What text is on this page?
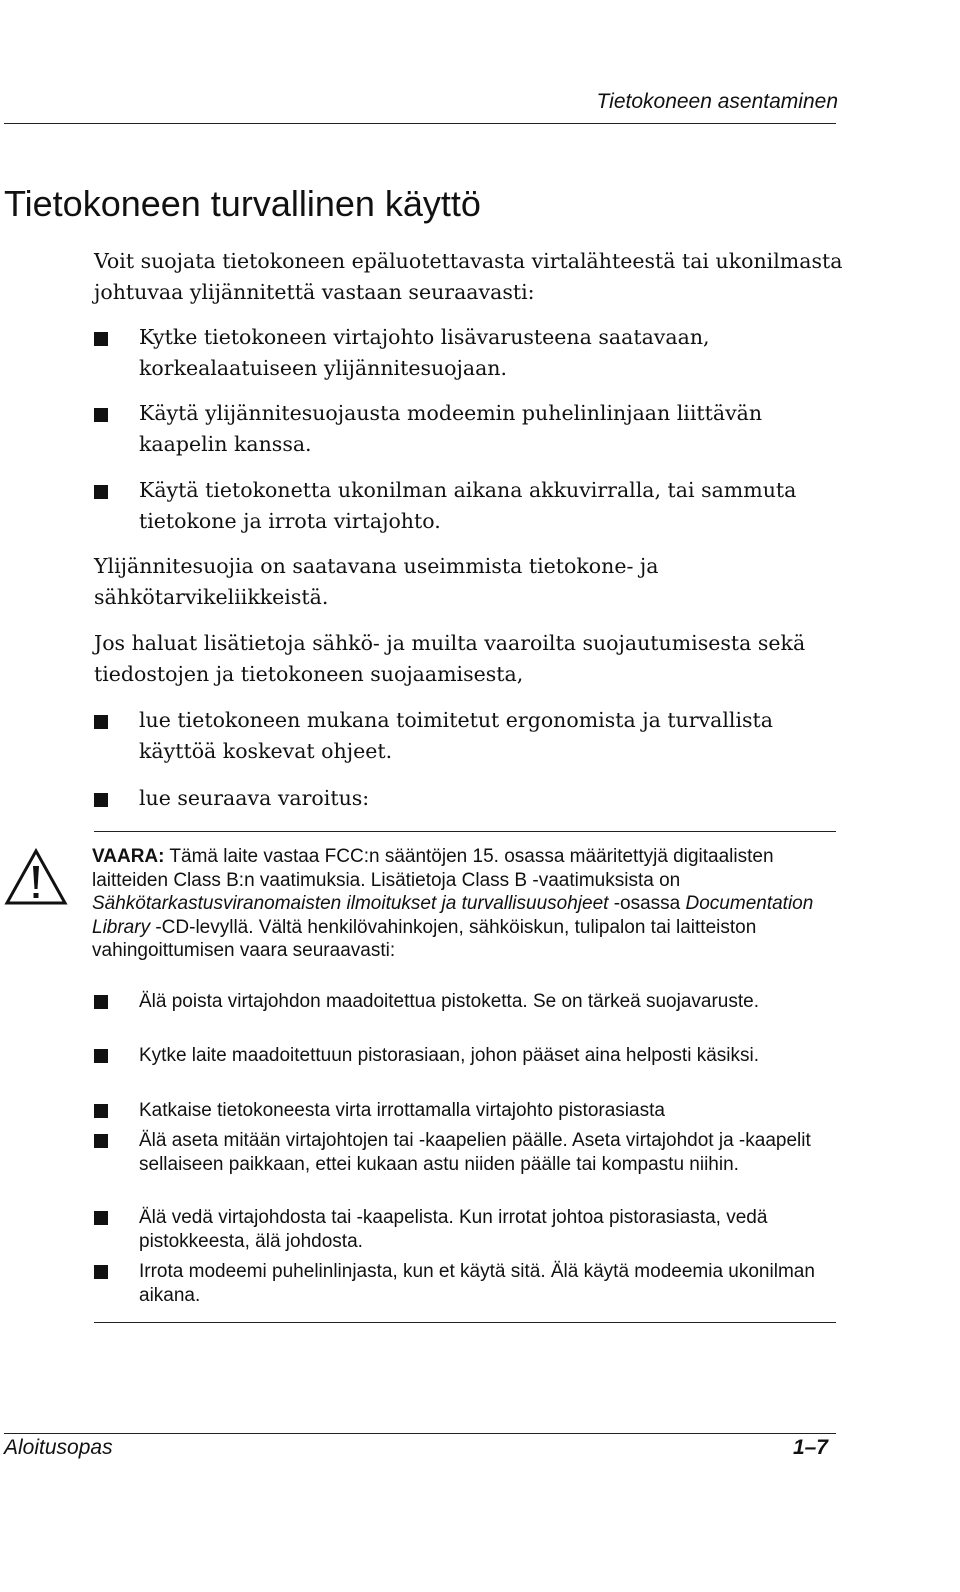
Tietokoneen asentaminen
Tietokoneen turvallinen käyttö

Voit suojata tietokoneen epäluotettavasta virtalähteestä tai ukonilmasta johtuvaa ylijännitettä vastaan seuraavasti:

Kytke tietokoneen virtajohto lisävarusteena saatavaan, korkealaatuiseen ylijännitesuojaan.

Käytä ylijännitesuojausta modeemin puhelinlinjaan liittävän kaapelin kanssa.

Käytä tietokonetta ukonilman aikana akkuvirralla, tai sammuta tietokone ja irrota virtajohto.

Ylijännitesuojia on saatavana useimmista tietokone- ja sähkötarvikeliikkeistä.

Jos haluat lisätietoja sähkö- ja muilta vaaroilta suojautumisesta sekä tiedostojen ja tietokoneen suojaamisesta,

lue tietokoneen mukana toimitetut ergonomista ja turvallista käyttöä koskevat ohjeet.

lue seuraava varoitus:

VAARA: Tämä laite vastaa FCC:n sääntöjen 15. osassa määritettyjä digitaalisten laitteiden Class B:n vaatimuksia. Lisätietoja Class B -vaatimuksista on Sähkötarkastusviranomaisten ilmoitukset ja turvallisuusohjeet -osassa Documentation Library -CD-levyllä. Vältä henkilövahinkojen, sähköiskun, tulipalon tai laitteiston vahingoittumisen vaara seuraavasti:

Älä poista virtajohdon maadoitettua pistoketta. Se on tärkeä suojavaruste.

Kytke laite maadoitettuun pistorasiaan, johon pääset aina helposti käsiksi.

Katkaise tietokoneesta virta irrottamalla virtajohto pistorasiasta

Älä aseta mitään virtajohtojen tai -kaapelien päälle. Aseta virtajohdot ja -kaapelit sellaiseen paikkaan, ettei kukaan astu niiden päälle tai kompastu niihin.

Älä vedä virtajohdosta tai -kaapelista. Kun irrotat johtoa pistorasiasta, vedä pistokkeesta, älä johdosta.

Irrota modeemi puhelinlinjasta, kun et käytä sitä. Älä käytä modeemia ukonilman aikana.

Aloitusopas	1–7
